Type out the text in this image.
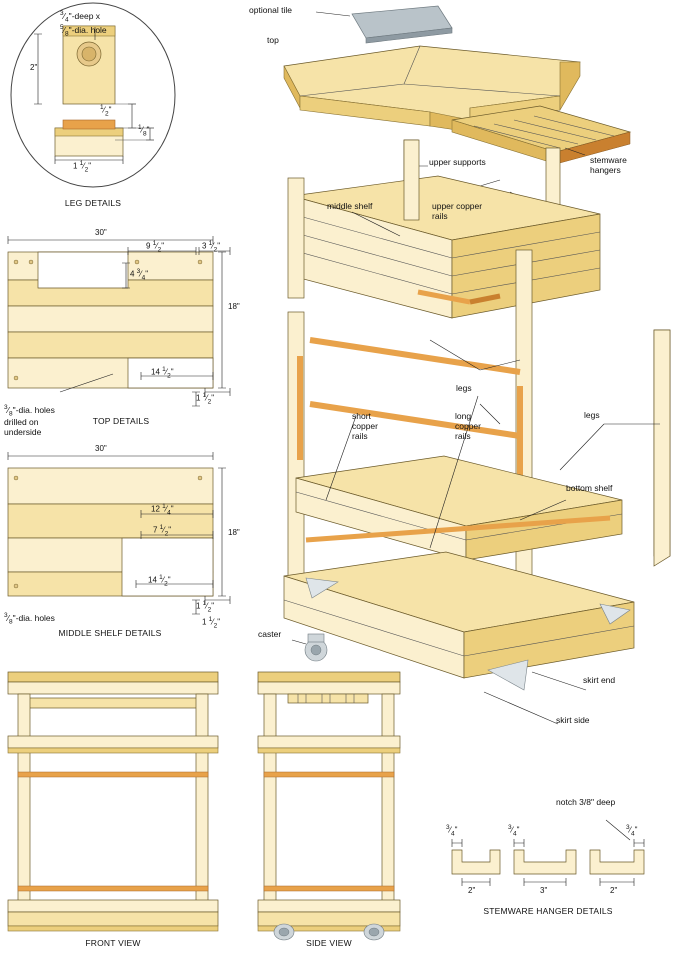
$^3⁄_4$"-deep x
$^5⁄_8$"-dia. hole
2"
1 $^1⁄_2$"
$^1⁄_2$"
$^1⁄_8$"
LEG DETAILS
30"
9 $^1⁄_2$"	3 $^1⁄_2$"
4 $^3⁄_4$"
18"
14 $^1⁄_2$"
1 $^1⁄_2$"

$^3⁄_8$"-dia. holes
drilled on
underside
TOP DETAILS
30"
12 $^1⁄_4$"
7 $^1⁄_2$"	18"
14 $^1⁄_2$"
1 $^1⁄_2$"
1 $^1⁄_2$"
$^3⁄_8$"-dia. holes
MIDDLE SHELF DETAILS
FRONT VIEW	SIDE VIEW
notch 3/8" deep
$^3⁄_4$"	$^3⁄_4$"	$^3⁄_4$"
2"	3"	2"
STEMWARE HANGER DETAILS
optional tile
top
stemware
hangers
upper supports
upper copper
rails
middle shelf
legs
legs
short
copper
rails
long
copper
rails
bottom shelf
caster
skirt end
skirt side
